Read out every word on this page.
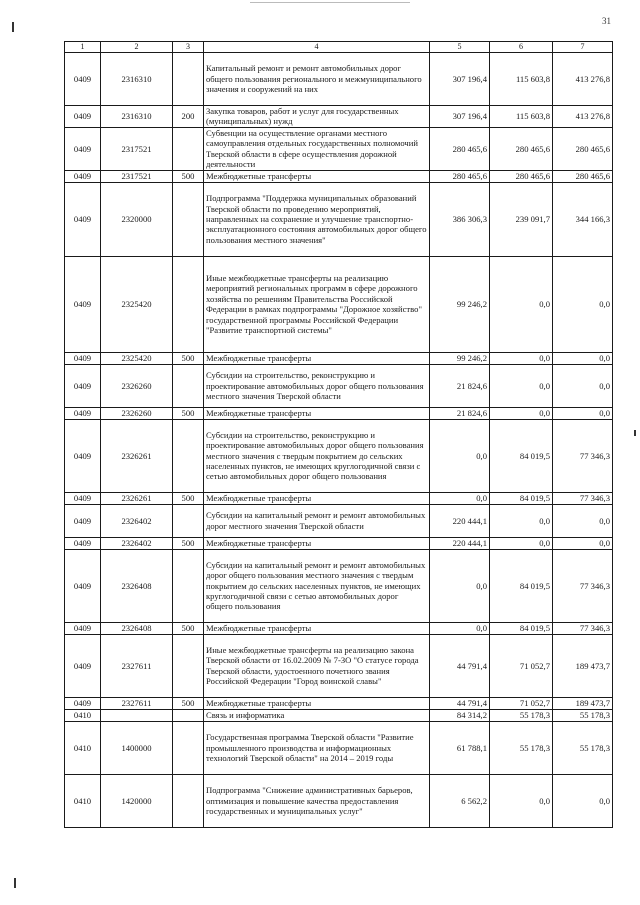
31
1	2	3	4	5	6	7
0409	2316310		Капитальный ремонт и ремонт автомобильных дорог общего пользования регионального и межмуниципального значения и сооружений на них	307 196,4	115 603,8	413 276,8
0409	2316310	200	Закупка товаров, работ и услуг для государственных (муниципальных) нужд	307 196,4	115 603,8	413 276,8
0409	2317521		Субвенции на осуществление органами местного самоуправления отдельных государственных полномочий Тверской области в сфере осуществления дорожной деятельности	280 465,6	280 465,6	280 465,6
0409	2317521	500	Межбюджетные трансферты	280 465,6	280 465,6	280 465,6
0409	2320000		Подпрограмма "Поддержка муниципальных образований Тверской области по проведению мероприятий, направленных на сохранение и улучшение транспортно-эксплуатационного состояния автомобильных дорог общего пользования местного значения"	386 306,3	239 091,7	344 166,3
0409	2325420		Иные межбюджетные трансферты на реализацию мероприятий региональных программ в сфере дорожного хозяйства по решениям Правительства Российской Федерации в рамках подпрограммы "Дорожное хозяйство" государственной программы Российской Федерации "Развитие транспортной системы"	99 246,2	0,0	0,0
0409	2325420	500	Межбюджетные трансферты	99 246,2	0,0	0,0
0409	2326260		Субсидии на строительство, реконструкцию и проектирование автомобильных дорог общего пользования местного значения Тверской области	21 824,6	0,0	0,0
0409	2326260	500	Межбюджетные трансферты	21 824,6	0,0	0,0
0409	2326261		Субсидии на строительство, реконструкцию и проектирование автомобильных дорог общего пользования местного значения с твердым покрытием до сельских населенных пунктов, не имеющих круглогодичной связи с сетью автомобильных дорог общего пользования	0,0	84 019,5	77 346,3
0409	2326261	500	Межбюджетные трансферты	0,0	84 019,5	77 346,3
0409	2326402		Субсидии на капитальный ремонт и ремонт автомобильных дорог местного значения Тверской области	220 444,1	0,0	0,0
0409	2326402	500	Межбюджетные трансферты	220 444,1	0,0	0,0
0409	2326408		Субсидии на капитальный ремонт и ремонт автомобильных дорог общего пользования местного значения с твердым покрытием до сельских населенных пунктов, не имеющих круглогодичной связи с сетью автомобильных дорог общего пользования	0,0	84 019,5	77 346,3
0409	2326408	500	Межбюджетные трансферты	0,0	84 019,5	77 346,3
0409	2327611		Иные межбюджетные трансферты на реализацию закона Тверской области от 16.02.2009 № 7-ЗО "О статусе города Тверской области, удостоенного почетного звания Российской Федерации "Город воинской славы"	44 791,4	71 052,7	189 473,7
0409	2327611	500	Межбюджетные трансферты	44 791,4	71 052,7	189 473,7
0410			Связь и информатика	84 314,2	55 178,3	55 178,3
0410	1400000		Государственная программа Тверской области "Развитие промышленного производства и информационных технологий Тверской области" на 2014 – 2019 годы	61 788,1	55 178,3	55 178,3
0410	1420000		Подпрограмма "Снижение административных барьеров, оптимизация и повышение качества предоставления государственных и муниципальных услуг"	6 562,2	0,0	0,0
